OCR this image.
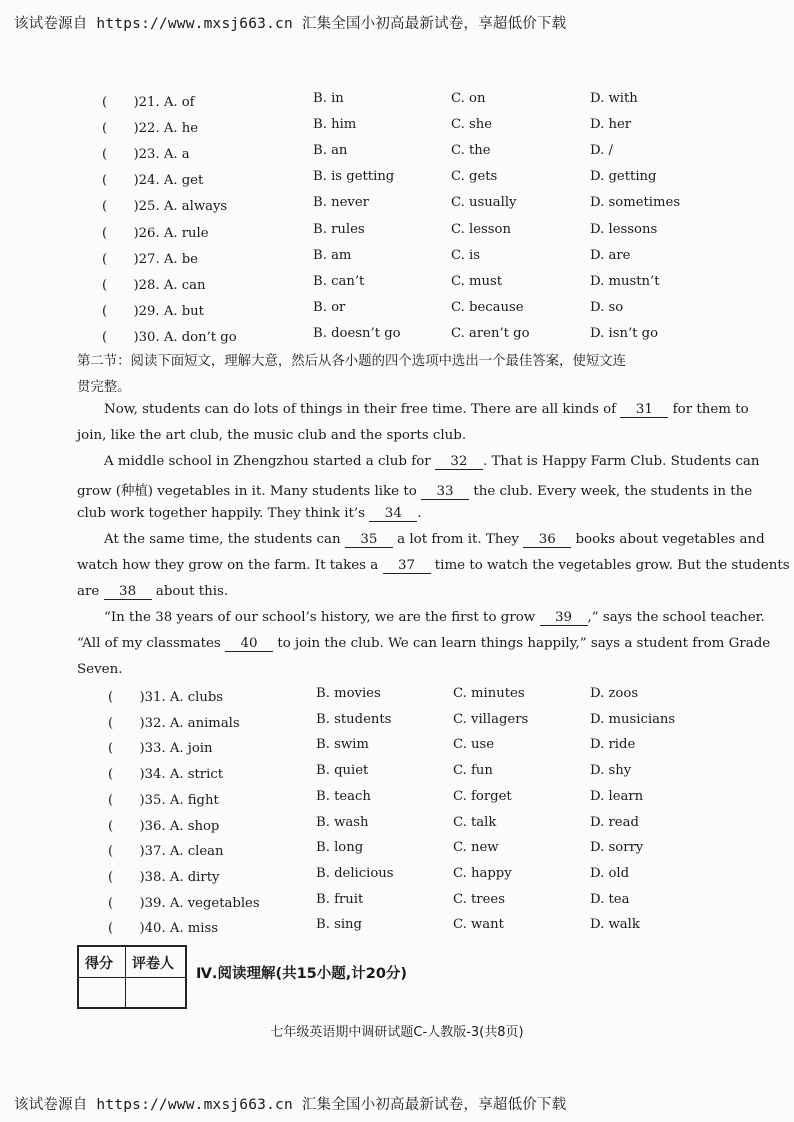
该试卷源自 https://www.mxsj663.cn 汇集全国小初高最新试卷，享超低价下载
(　　)21. A. of	B. in	C. on	D. with
(　　)22. A. he	B. him	C. she	D. her
(　　)23. A. a	B. an	C. the	D. /
(　　)24. A. get	B. is getting	C. gets	D. getting
(　　)25. A. always	B. never	C. usually	D. sometimes
(　　)26. A. rule	B. rules	C. lesson	D. lessons
(　　)27. A. be	B. am	C. is	D. are
(　　)28. A. can	B. can’t	C. must	D. mustn’t
(　　)29. A. but	B. or	C. because	D. so
(　　)30. A. don’t go	B. doesn’t go	C. aren’t go	D. isn’t go
第二节：阅读下面短文，理解大意，然后从各小题的四个选项中选出一个最佳答案，使短文连
贯完整。
Now, students can do lots of things in their free time. There are all kinds of 31 for them to
join, like the art club, the music club and the sports club.
A middle school in Zhengzhou started a club for 32 . That is Happy Farm Club. Students can
grow (种植) vegetables in it. Many students like to 33 the club. Every week, the students in the
club work together happily. They think it’s 34 .
At the same time, the students can 35 a lot from it. They 36 books about vegetables and
watch how they grow on the farm. It takes a 37 time to watch the vegetables grow. But the students
are 38 about this.
“In the 38 years of our school’s history, we are the first to grow 39 ,” says the school teacher.
“All of my classmates 40 to join the club. We can learn things happily,” says a student from Grade
Seven.
(　　)31. A. clubs	B. movies	C. minutes	D. zoos
(　　)32. A. animals	B. students	C. villagers	D. musicians
(　　)33. A. join	B. swim	C. use	D. ride
(　　)34. A. strict	B. quiet	C. fun	D. shy
(　　)35. A. fight	B. teach	C. forget	D. learn
(　　)36. A. shop	B. wash	C. talk	D. read
(　　)37. A. clean	B. long	C. new	D. sorry
(　　)38. A. dirty	B. delicious	C. happy	D. old
(　　)39. A. vegetables	B. fruit	C. trees	D. tea
(　　)40. A. miss	B. sing	C. want	D. walk
得分 评卷人
Ⅳ.阅读理解(共15小题,计20分)
七年级英语期中调研试题C-人教版-3(共8页)
该试卷源自 https://www.mxsj663.cn 汇集全国小初高最新试卷，享超低价下载
